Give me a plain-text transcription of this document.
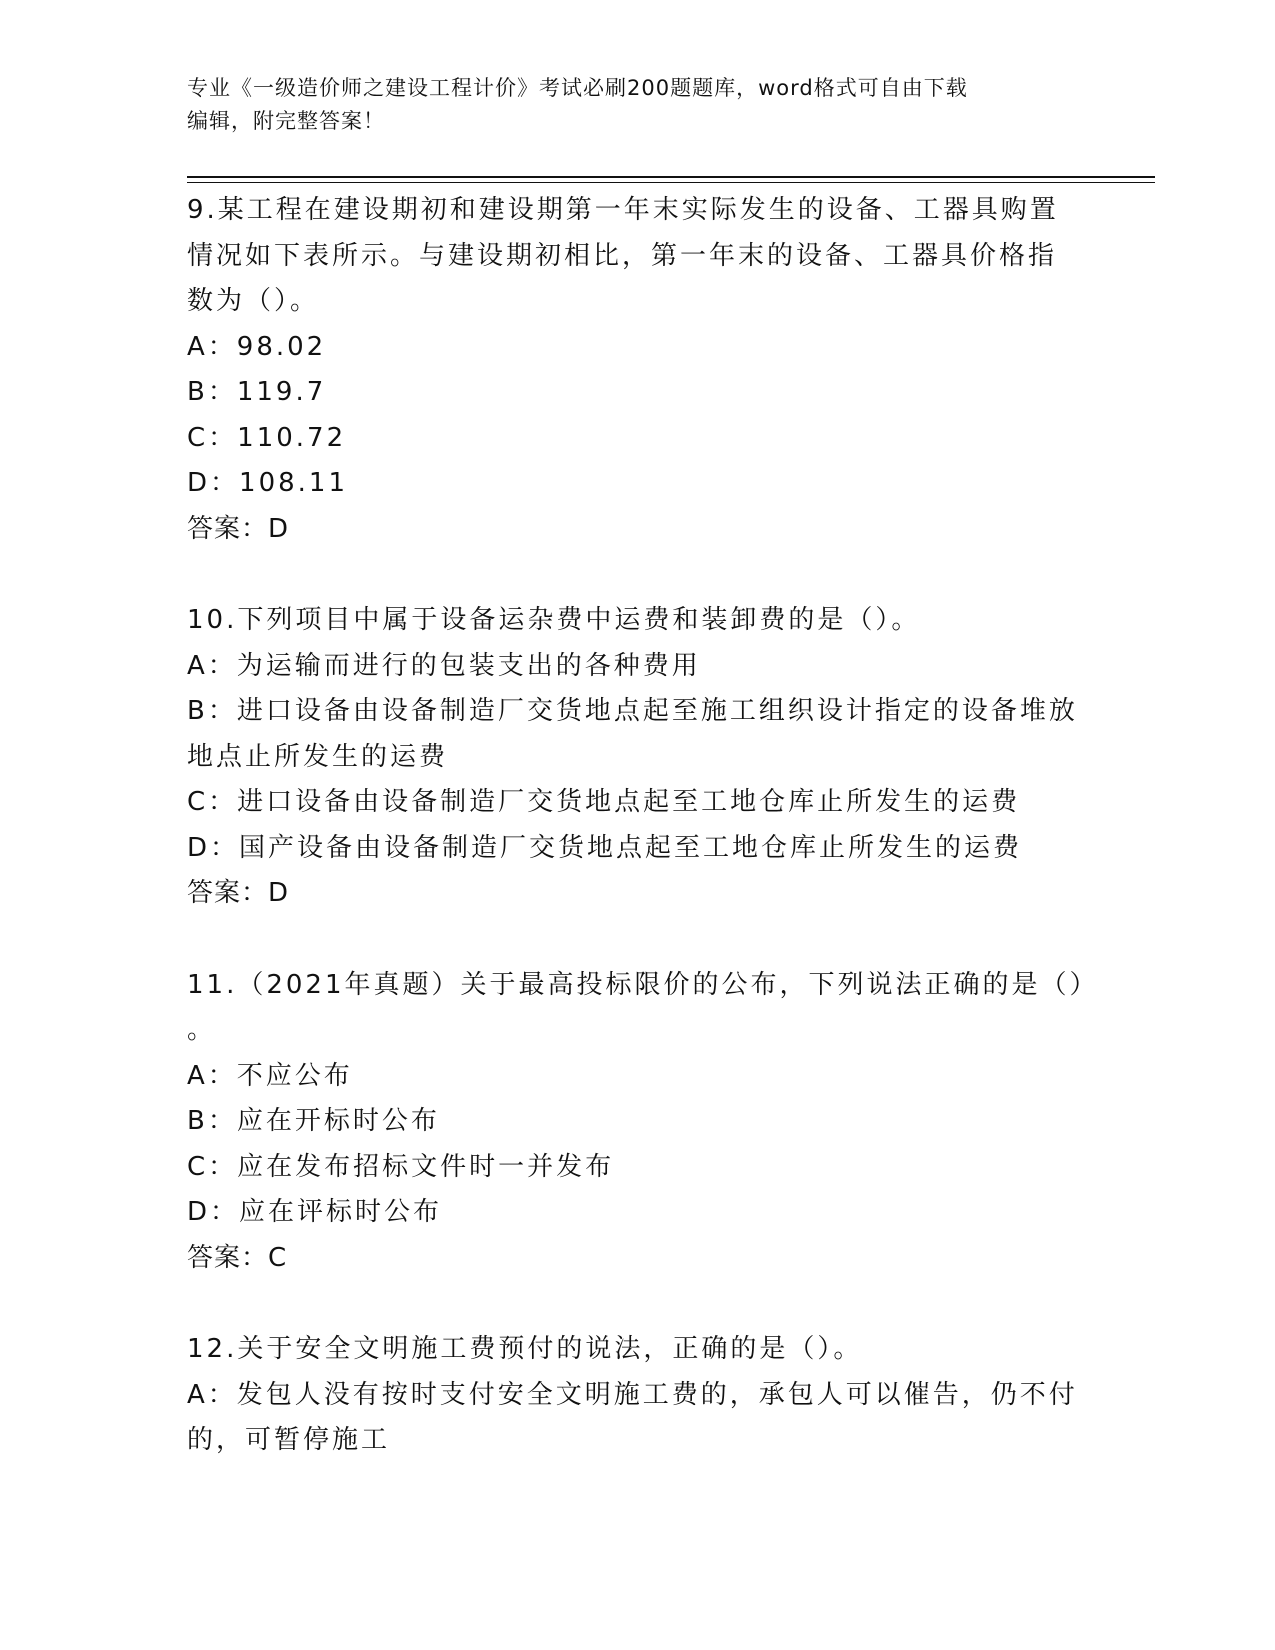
专业《一级造价师之建设工程计价》考试必刷200题题库，word格式可自由下载
编辑，附完整答案！
9.某工程在建设期初和建设期第一年末实际发生的设备、工器具购置
情况如下表所示。与建设期初相比，第一年末的设备、工器具价格指
数为（）。
A：98.02
B：119.7
C：110.72
D：108.11
答案：D
10.下列项目中属于设备运杂费中运费和装卸费的是（）。
A：为运输而进行的包装支出的各种费用
B：进口设备由设备制造厂交货地点起至施工组织设计指定的设备堆放
地点止所发生的运费
C：进口设备由设备制造厂交货地点起至工地仓库止所发生的运费
D：国产设备由设备制造厂交货地点起至工地仓库止所发生的运费
答案：D
11.（2021年真题）关于最高投标限价的公布，下列说法正确的是（）
。
A：不应公布
B：应在开标时公布
C：应在发布招标文件时一并发布
D：应在评标时公布
答案：C
12.关于安全文明施工费预付的说法，正确的是（）。
A：发包人没有按时支付安全文明施工费的，承包人可以催告，仍不付
的，可暂停施工
